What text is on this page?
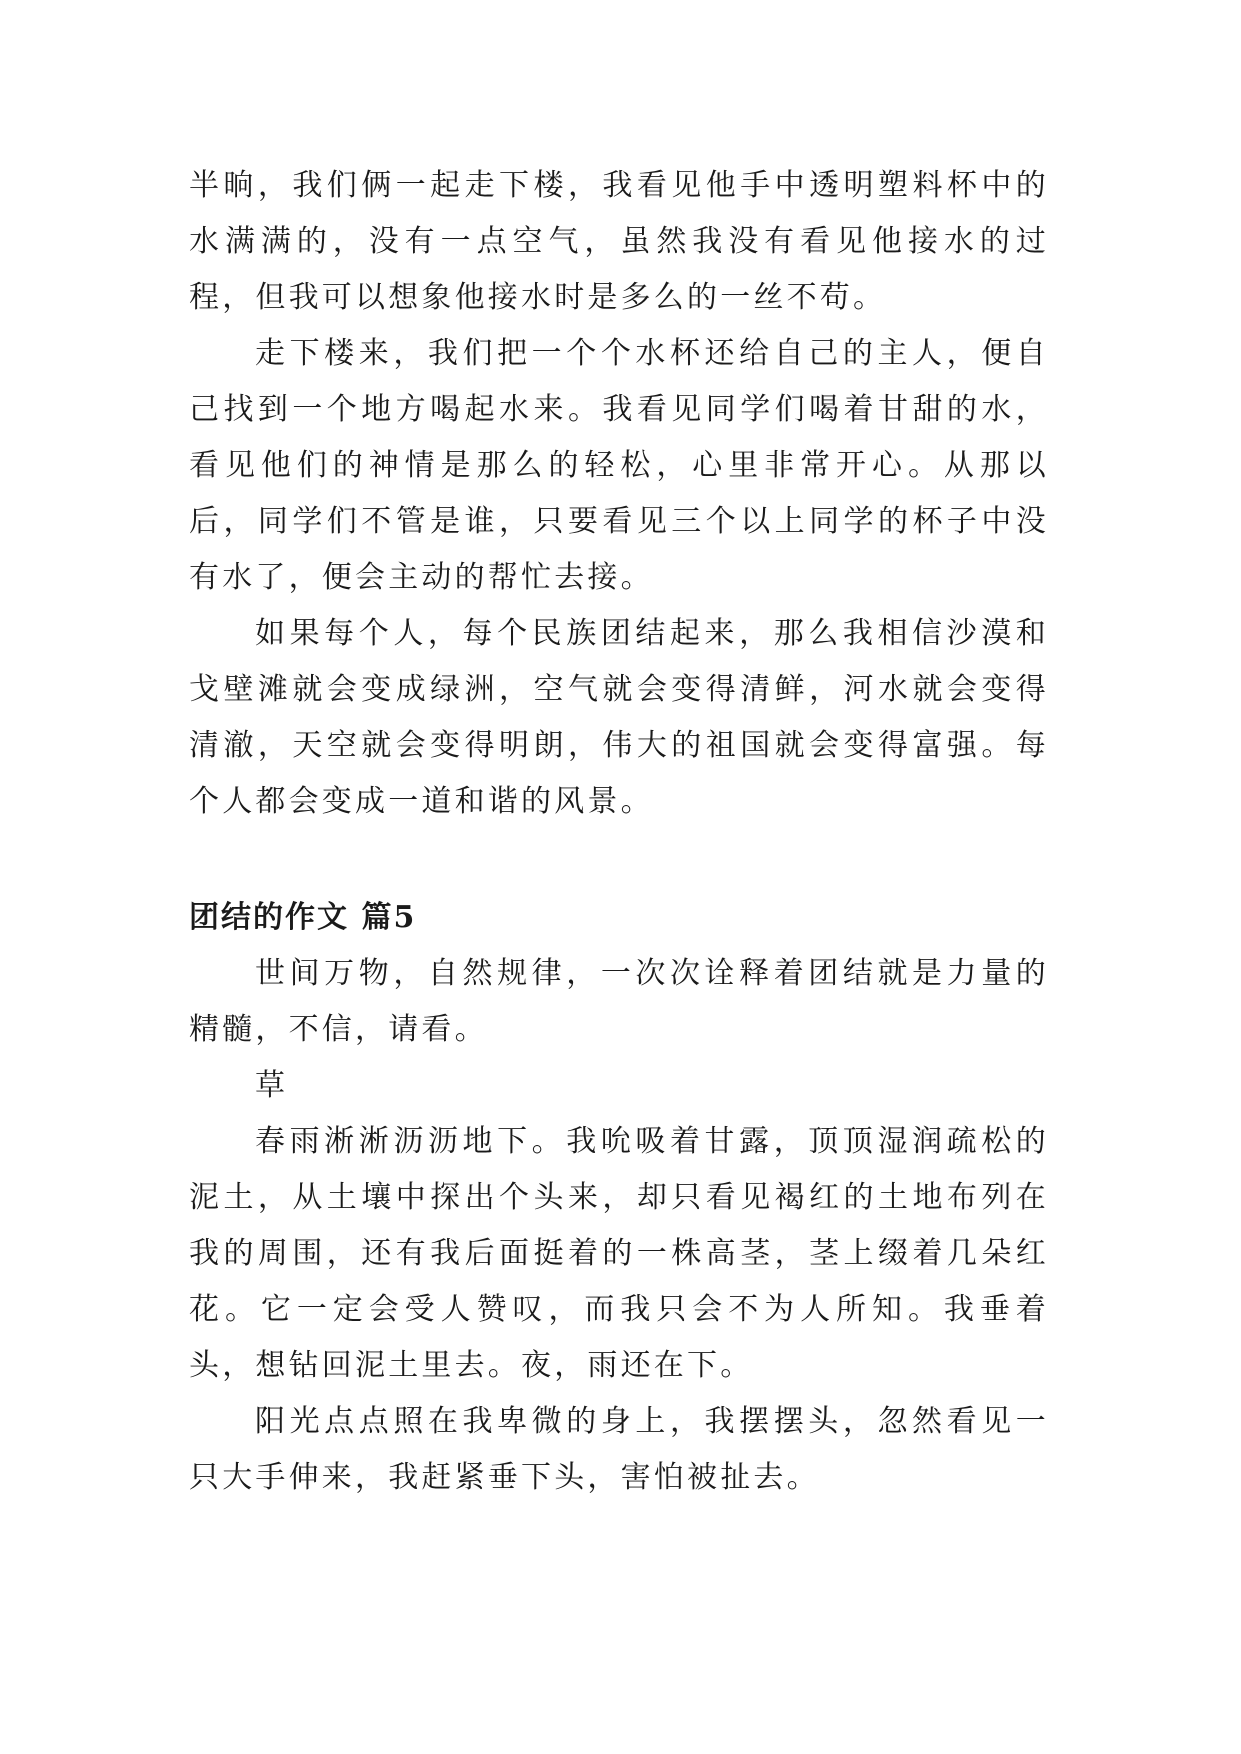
半晌，我们俩一起走下楼，我看见他手中透明塑料杯中的水满满的，没有一点空气，虽然我没有看见他接水的过程，但我可以想象他接水时是多么的一丝不苟。

走下楼来，我们把一个个水杯还给自己的主人，便自己找到一个地方喝起水来。我看见同学们喝着甘甜的水，看见他们的神情是那么的轻松，心里非常开心。从那以后，同学们不管是谁，只要看见三个以上同学的杯子中没有水了，便会主动的帮忙去接。

如果每个人，每个民族团结起来，那么我相信沙漠和戈壁滩就会变成绿洲，空气就会变得清鲜，河水就会变得清澈，天空就会变得明朗，伟大的祖国就会变得富强。每个人都会变成一道和谐的风景。

团结的作文 篇5

世间万物，自然规律，一次次诠释着团结就是力量的精髓，不信，请看。

草

春雨淅淅沥沥地下。我吮吸着甘露，顶顶湿润疏松的泥土，从土壤中探出个头来，却只看见褐红的土地布列在我的周围，还有我后面挺着的一株高茎，茎上缀着几朵红花。它一定会受人赞叹，而我只会不为人所知。我垂着头，想钻回泥土里去。夜，雨还在下。

阳光点点照在我卑微的身上，我摆摆头，忽然看见一只大手伸来，我赶紧垂下头，害怕被扯去。
